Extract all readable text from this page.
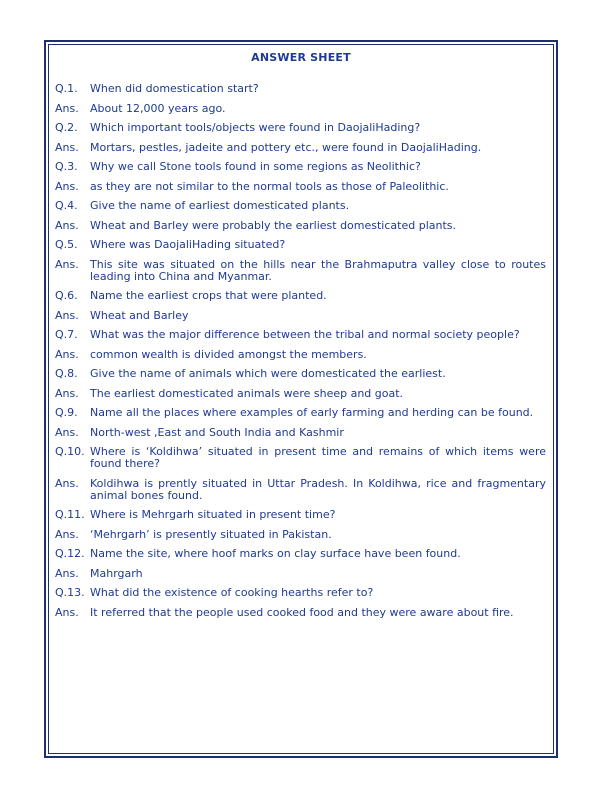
ANSWER SHEET
Q.1.	When did domestication start?
Ans.	About 12,000 years ago.
Q.2.	Which important tools/objects were found in DaojaliHading?
Ans.	Mortars, pestles, jadeite and pottery etc., were found in DaojaliHading.
Q.3.	Why we call Stone tools found in some regions as Neolithic?
Ans.	as they are not similar to the normal tools as those of Paleolithic.
Q.4.	Give the name of earliest domesticated plants.
Ans.	Wheat and Barley were probably the earliest domesticated plants.
Q.5.	Where was DaojaliHading situated?
Ans.	This site was situated on the hills near the Brahmaputra valley close to routes leading into China and Myanmar.
Q.6.	Name the earliest crops that were planted.
Ans.	Wheat and Barley
Q.7.	What was the major difference between the tribal and normal society people?
Ans.	common wealth is divided amongst the members.
Q.8.	Give the name of animals which were domesticated the earliest.
Ans.	The earliest domesticated animals were sheep and goat.
Q.9.	Name all the places where examples of early farming and herding can be found.
Ans.	North-west ,East and South India and Kashmir
Q.10. Where is ‘Koldihwa’ situated in present time and remains of which items were found there?
Ans.	Koldihwa is prently situated in Uttar Pradesh. In Koldihwa, rice and fragmentary animal bones found.
Q.11. Where is Mehrgarh situated in present time?
Ans.	‘Mehrgarh’ is presently situated in Pakistan.
Q.12. Name the site, where hoof marks on clay surface have been found.
Ans.	Mahrgarh
Q.13. What did the existence of cooking hearths refer to?
Ans.	It referred that the people used cooked food and they were aware about fire.
